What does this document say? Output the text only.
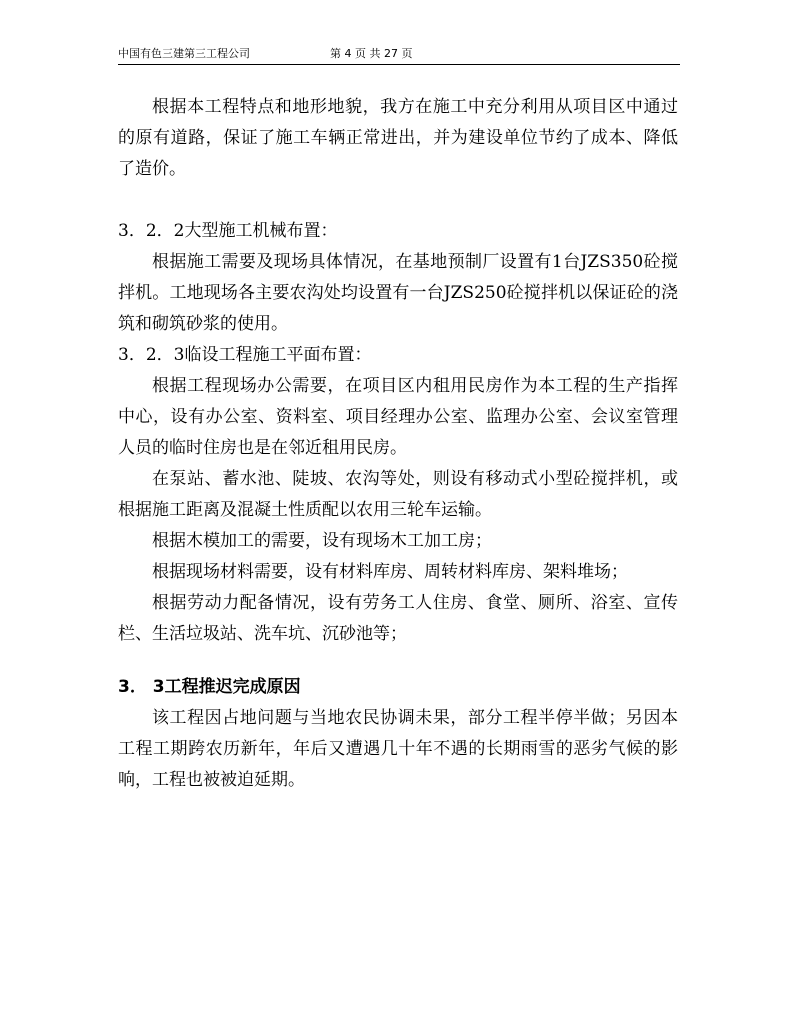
中国有色三建第三工程公司	第 4 页 共 27 页

根据本工程特点和地形地貌，我方在施工中充分利用从项目区中通过的原有道路，保证了施工车辆正常进出，并为建设单位节约了成本、降低了造价。

3．2．2大型施工机械布置：

根据施工需要及现场具体情况，在基地预制厂设置有1台JZS350砼搅拌机。工地现场各主要农沟处均设置有一台JZS250砼搅拌机以保证砼的浇筑和砌筑砂浆的使用。

3．2．3临设工程施工平面布置：

根据工程现场办公需要，在项目区内租用民房作为本工程的生产指挥中心，设有办公室、资料室、项目经理办公室、监理办公室、会议室管理人员的临时住房也是在邻近租用民房。

在泵站、蓄水池、陡坡、农沟等处，则设有移动式小型砼搅拌机，或根据施工距离及混凝土性质配以农用三轮车运输。

根据木模加工的需要，设有现场木工加工房；

根据现场材料需要，设有材料库房、周转材料库房、架料堆场；

根据劳动力配备情况，设有劳务工人住房、食堂、厕所、浴室、宣传栏、生活垃圾站、洗车坑、沉砂池等；

3． 3工程推迟完成原因

该工程因占地问题与当地农民协调未果，部分工程半停半做；另因本工程工期跨农历新年，年后又遭遇几十年不遇的长期雨雪的恶劣气候的影响，工程也被被迫延期。
